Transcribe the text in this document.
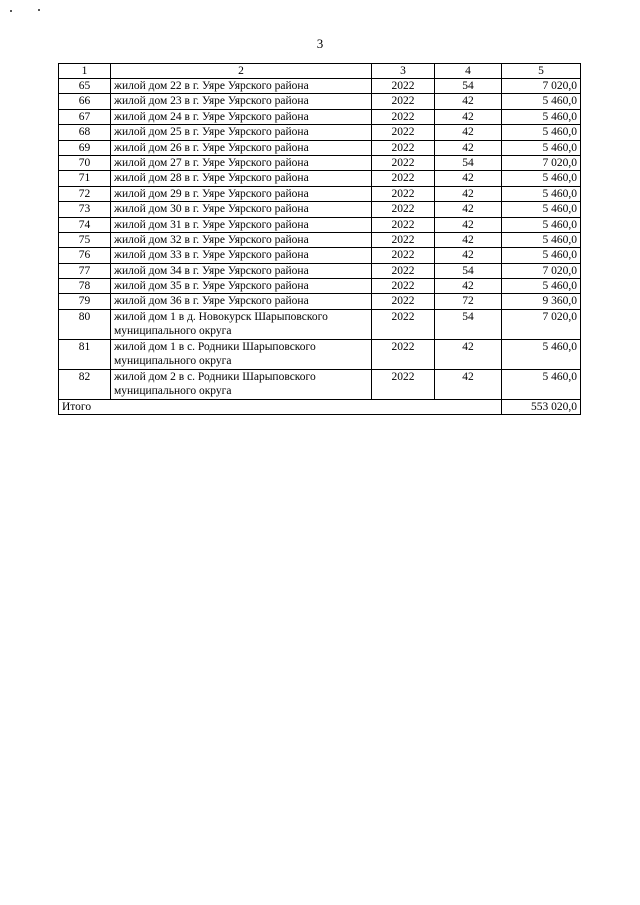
3
1	2	3	4	5
65	жилой дом 22 в г. Уяре Уярского района	2022	54	7 020,0
66	жилой дом 23 в г. Уяре Уярского района	2022	42	5 460,0
67	жилой дом 24 в г. Уяре Уярского района	2022	42	5 460,0
68	жилой дом 25 в г. Уяре Уярского района	2022	42	5 460,0
69	жилой дом 26 в г. Уяре Уярского района	2022	42	5 460,0
70	жилой дом 27 в г. Уяре Уярского района	2022	54	7 020,0
71	жилой дом 28 в г. Уяре Уярского района	2022	42	5 460,0
72	жилой дом 29 в г. Уяре Уярского района	2022	42	5 460,0
73	жилой дом 30 в г. Уяре Уярского района	2022	42	5 460,0
74	жилой дом 31 в г. Уяре Уярского района	2022	42	5 460,0
75	жилой дом 32 в г. Уяре Уярского района	2022	42	5 460,0
76	жилой дом 33 в г. Уяре Уярского района	2022	42	5 460,0
77	жилой дом 34 в г. Уяре Уярского района	2022	54	7 020,0
78	жилой дом 35 в г. Уяре Уярского района	2022	42	5 460,0
79	жилой дом 36 в г. Уяре Уярского района	2022	72	9 360,0
80	жилой дом 1 в д. Новокурск Шарыповского муниципального округа	2022	54	7 020,0
81	жилой дом 1 в с. Родники Шарыповского муниципального округа	2022	42	5 460,0
82	жилой дом 2 в с. Родники Шарыповского муниципального округа	2022	42	5 460,0
Итого				553 020,0
